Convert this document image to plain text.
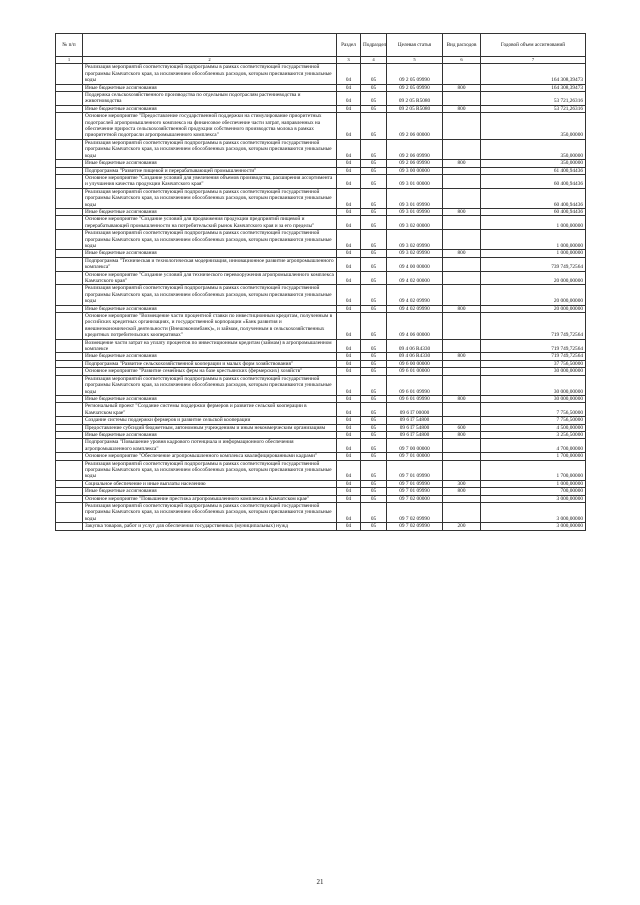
№ п/п		Раздел	Подраздел	Целевая статья	Вид расходов	Годовой объем ассигнований
1	2	3	4	5	6	7
	Реализация мероприятий соответствующей подпрограммы в рамках соответствующей государственной программы Камчатского края, за исключением обособленных расходов, которым присваиваются уникальные коды	04	05	09 2 05 09990		164 308,39473
	Иные бюджетные ассигнования	04	05	09 2 05 09990	800	164 308,39473
	Поддержка сельскохозяйственного производства по отдельным подотраслям растениеводства и животноводства	04	05	09 2 05 R5080		53 721,26316
	Иные бюджетные ассигнования	04	05	09 2 05 R5080	800	53 721,26316
	Основное мероприятие "Предоставление государственной поддержки на стимулирование приоритетных подотраслей агропромышленного комплекса на финансовое обеспечение части затрат, направленных на обеспечение прироста сельскохозяйственной продукции собственного производства молока в рамках приоритетной подотрасли агропромышленного комплекса"	04	05	09 2 06 00000		350,00000
	Реализация мероприятий соответствующей подпрограммы в рамках соответствующей государственной программы Камчатского края, за исключением обособленных расходов, которым присваиваются уникальные коды	04	05	09 2 06 09990		350,00000
	Иные бюджетные ассигнования	04	05	09 2 06 09990	800	350,00000
	Подпрограмма "Развитие пищевой и перерабатывающей промышленности"	04	05	09 3 00 00000		61 400,94436
	Основное мероприятие "Создание условий для увеличения объемов производства, расширения ассортимента и улучшения качества продукции Камчатского края"	04	05	09 3 01 00000		60 400,94436
	Реализация мероприятий соответствующей подпрограммы в рамках соответствующей государственной программы Камчатского края, за исключением обособленных расходов, которым присваиваются уникальные коды	04	05	09 3 01 09990		60 400,94436
	Иные бюджетные ассигнования	04	05	09 3 01 09990	800	60 400,94436
	Основное мероприятие "Создание условий для продвижения продукции предприятий пищевой и перерабатывающей промышленности на потребительский рынок Камчатского края и за его пределы"	04	05	09 3 02 00000		1 000,00000
	Реализация мероприятий соответствующей подпрограммы в рамках соответствующей государственной программы Камчатского края, за исключением обособленных расходов, которым присваиваются уникальные коды	04	05	09 3 02 09990		1 000,00000
	Иные бюджетные ассигнования	04	05	09 3 02 09990	800	1 000,00000
	Подпрограмма "Техническая и технологическая модернизация, инновационное развитие агропромышленного комплекса"	04	05	09 4 00 00000		739 749,72564
	Основное мероприятие "Создание условий для технического перевооружения агропромышленного комплекса Камчатского края"	04	05	09 4 02 00000		20 000,00000
	Реализация мероприятий соответствующей подпрограммы в рамках соответствующей государственной программы Камчатского края, за исключением обособленных расходов, которым присваиваются уникальные коды	04	05	09 4 02 09990		20 000,00000
	Иные бюджетные ассигнования	04	05	09 4 02 09990	800	20 000,00000
	Основное мероприятие "Возмещение части процентной ставки по инвестиционным кредитам, полученным в российских кредитных организациях, и государственной корпорации «Банк развития и внешнеэкономической деятельности (Внешэкономбанк)», и займам, полученным в сельскохозяйственных кредитных потребительских кооперативах"	04	05	09 4 06 00000		719 749,72564
	Возмещение части затрат на уплату процентов по инвестиционным кредитам (займам) в агропромышленном комплексе	04	05	09 4 06 R4330		719 749,72564
	Иные бюджетные ассигнования	04	05	09 4 06 R4330	800	719 749,72564
	Подпрограмма "Развитие сельскохозяйственной кооперации и малых форм хозяйствования"	04	05	09 6 00 00000		37 756,50000
	Основное мероприятие "Развитие семейных ферм на базе крестьянских (фермерских) хозяйств"	04	05	09 6 01 00000		30 000,00000
	Реализация мероприятий соответствующей подпрограммы в рамках соответствующей государственной программы Камчатского края, за исключением обособленных расходов, которым присваиваются уникальные коды	04	05	09 6 01 09990		30 000,00000
	Иные бюджетные ассигнования	04	05	09 6 01 09990	800	30 000,00000
	Региональный проект "Создание системы поддержки фермеров и развитие сельской кооперации в Камчатском крае"	04	05	09 6 I7 00000		7 756,50000
	Создание системы поддержки фермеров и развитие сельской кооперации	04	05	09 6 I7 54800		7 756,50000
	Предоставление субсидий бюджетным, автономным учреждениям и иным некоммерческим организациям	04	05	09 6 I7 54800	600	4 500,00000
	Иные бюджетные ассигнования	04	05	09 6 I7 54800	800	3 256,50000
	Подпрограмма "Повышение уровня кадрового потенциала и информационного обеспечения агропромышленного комплекса"	04	05	09 7 00 00000		4 700,00000
	Основное мероприятие "Обеспечение агропромышленного комплекса квалифицированными кадрами"	04	05	09 7 01 00000		1 700,00000
	Реализация мероприятий соответствующей подпрограммы в рамках соответствующей государственной программы Камчатского края, за исключением обособленных расходов, которым присваиваются уникальные коды	04	05	09 7 01 09990		1 700,00000
	Социальное обеспечение и иные выплаты населению	04	05	09 7 01 09990	300	1 000,00000
	Иные бюджетные ассигнования	04	05	09 7 01 09990	800	700,00000
	Основное мероприятие "Повышение престижа агропромышленного комплекса в Камчатском крае"	04	05	09 7 02 00000		3 000,00000
	Реализация мероприятий соответствующей подпрограммы в рамках соответствующей государственной программы Камчатского края, за исключением обособленных расходов, которым присваиваются уникальные коды	04	05	09 7 02 09990		3 000,00000
	Закупка товаров, работ и услуг для обеспечения государственных (муниципальных) нужд	04	05	09 7 02 09990	200	3 000,00000
21
